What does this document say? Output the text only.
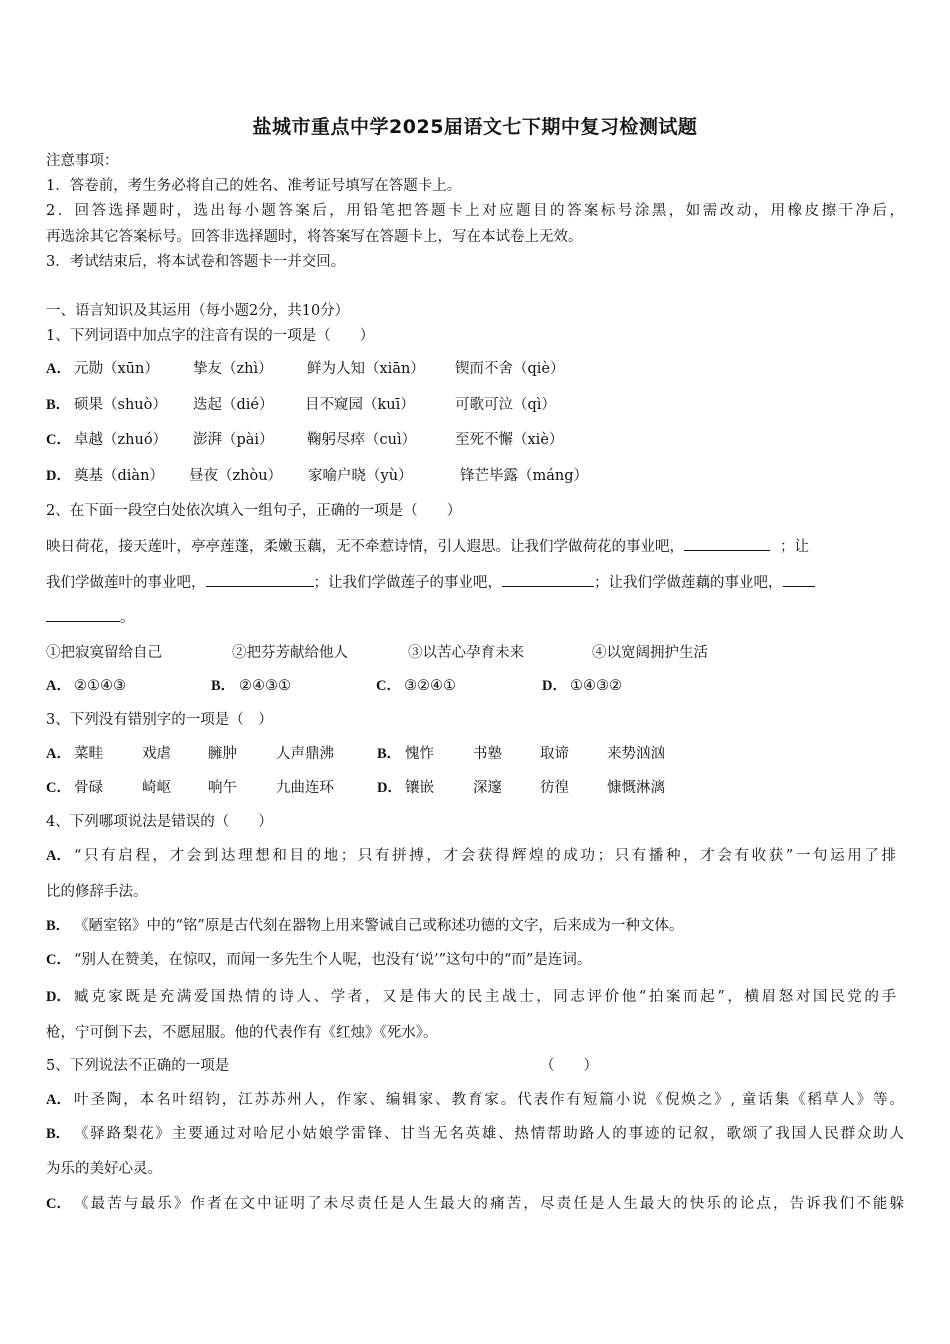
盐城市重点中学2025届语文七下期中复习检测试题
注意事项：
1．答卷前，考生务必将自己的姓名、准考证号填写在答题卡上。
2．回答选择题时，选出每小题答案后，用铅笔把答题卡上对应题目的答案标号涂黑，如需改动，用橡皮擦干净后，
再选涂其它答案标号。回答非选择题时，将答案写在答题卡上，写在本试卷上无效。
3．考试结束后，将本试卷和答题卡一并交回。
一、语言知识及其运用（每小题2分，共10分）
1、下列词语中加点字的注音有误的一项是（　　）
A． 元勋（xūn） 挚友（zhì） 鲜为人知（xiān） 锲而不舍（qiè）
B． 硕果（shuò） 迭起（dié） 目不窥园（kuī）	可歌可泣（qì）
C． 卓越（zhuó） 澎湃（pài） 鞠躬尽瘁（cuì）	至死不懈（xiè）
D． 奠基（diàn） 昼夜（zhòu） 家喻户晓（yù）	锋芒毕露（máng）
2、在下面一段空白处依次填入一组句子，正确的一项是（　　）
映日荷花，接天莲叶，亭亭莲蓬，柔嫩玉藕，无不牵惹诗情，引人遐思。让我们学做荷花的事业吧，	；让
我们学做莲叶的事业吧，	；让我们学做莲子的事业吧，	；让我们学做莲藕的事业吧，
。
①把寂寞留给自己	②把芬芳献给他人	③以苦心孕育未来	④以宽阔拥护生活
A． ②①④③	B． ②④③①	C． ③②④①	D． ①④③②
3、下列没有错别字的一项是（　）
A． 菜畦	戏虐	臃肿	人声鼎沸	B． 愧怍	书塾	取谛	来势汹汹
C． 骨碌	崎岖	响午	九曲连环	D． 镶嵌	深邃	彷徨	慷慨淋漓
4、下列哪项说法是错误的（　　）
A． “只有启程，才会到达理想和目的地；只有拼搏，才会获得辉煌的成功；只有播种，才会有收获”一句运用了排
比的修辞手法。
B． 《陋室铭》中的“铭”原是古代刻在器物上用来警诫自己或称述功德的文字，后来成为一种文体。
C． “别人在赞美，在惊叹，而闻一多先生个人呢，也没有‘说’”这句中的“而”是连词。
D． 臧克家既是充满爱国热情的诗人、学者，又是伟大的民主战士，同志评价他“拍案而起”，横眉怒对国民党的手
枪，宁可倒下去，不愿屈服。他的代表作有《红烛》《死水》。
5、下列说法不正确的一项是	（　　）
A． 叶圣陶，本名叶绍钧，江苏苏州人，作家、编辑家、教育家。代表作有短篇小说《倪焕之》, 童话集《稻草人》等。
B． 《驿路梨花》主要通过对哈尼小姑娘学雷锋、甘当无名英雄、热情帮助路人的事迹的记叙，歌颂了我国人民群众助人
为乐的美好心灵。
C． 《最苦与最乐》作者在文中证明了未尽责任是人生最大的痛苦，尽责任是人生最大的快乐的论点，告诉我们不能躲
